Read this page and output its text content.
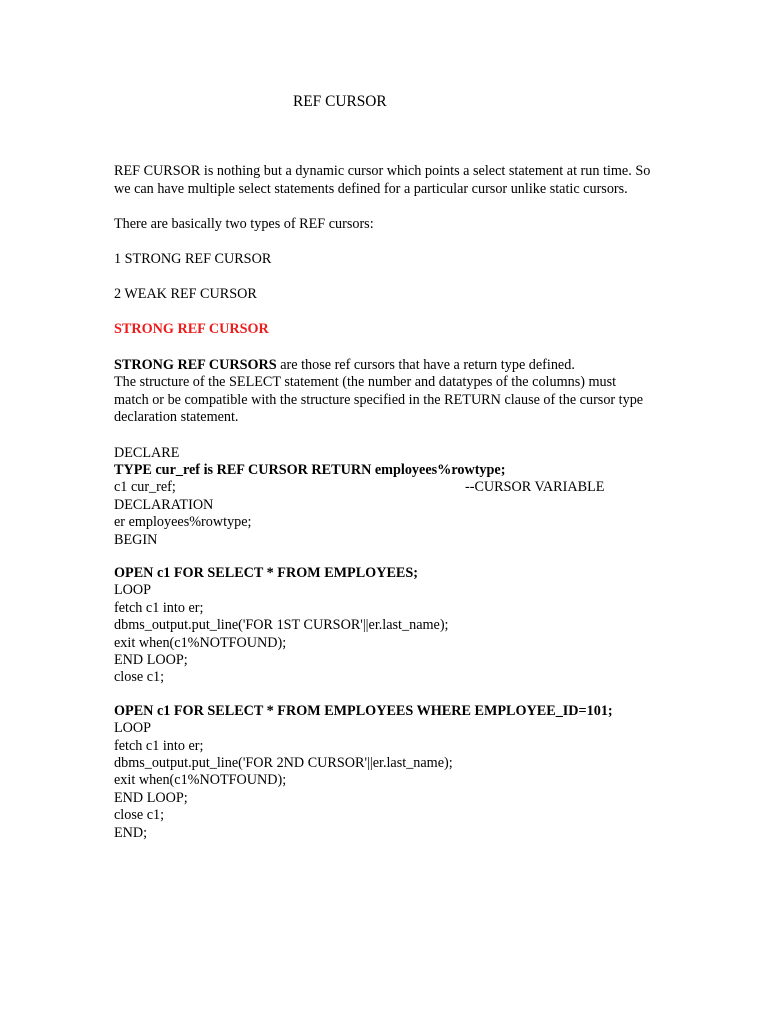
REF CURSOR

REF CURSOR is nothing but a dynamic cursor which points a select statement at run time. So we can have multiple select statements defined for a particular cursor unlike static cursors.

There are basically two types of REF cursors:

1 STRONG REF CURSOR

2 WEAK REF CURSOR

STRONG REF CURSOR

STRONG REF CURSORS are those ref cursors that have a return type defined.
The structure of the SELECT statement (the number and datatypes of the columns) must match or be compatible with the structure specified in the RETURN clause of the cursor type declaration statement.

DECLARE

TYPE cur_ref is REF CURSOR RETURN employees%rowtype;

c1 cur_ref;	--CURSOR VARIABLE

DECLARATION

er employees%rowtype;

BEGIN

OPEN c1 FOR SELECT * FROM EMPLOYEES;

LOOP

fetch c1 into er;

dbms_output.put_line('FOR 1ST CURSOR'||er.last_name);

exit when(c1%NOTFOUND);

END LOOP;

close c1;

OPEN c1 FOR SELECT * FROM EMPLOYEES WHERE EMPLOYEE_ID=101;

LOOP

fetch c1 into er;

dbms_output.put_line('FOR 2ND CURSOR'||er.last_name);

exit when(c1%NOTFOUND);

END LOOP;

close c1;

END;
